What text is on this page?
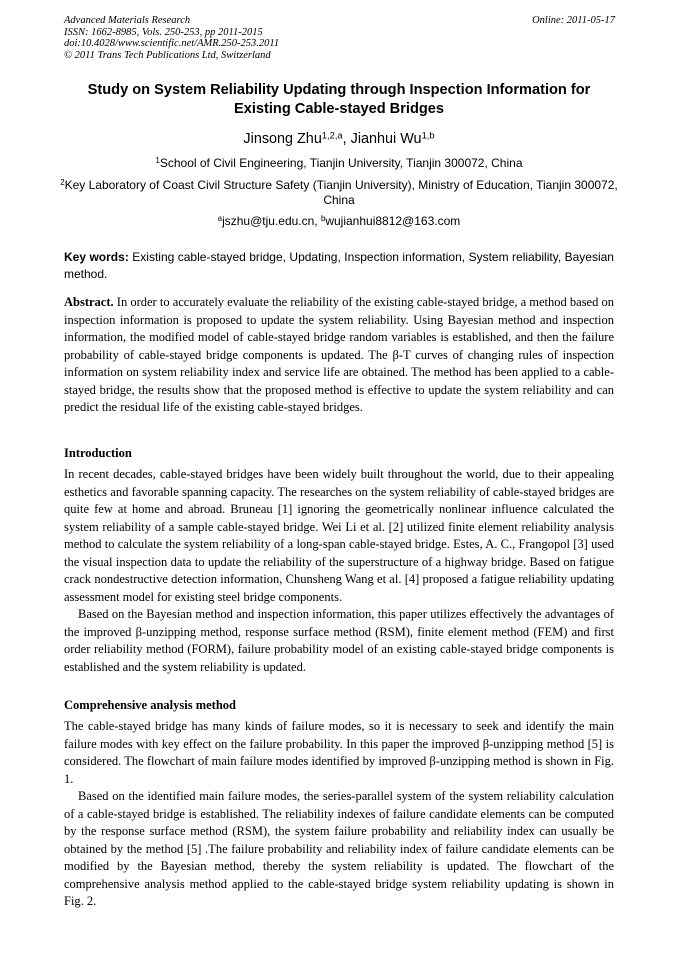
Advanced Materials Research
ISSN: 1662-8985, Vols. 250-253, pp 2011-2015
doi:10.4028/www.scientific.net/AMR.250-253.2011
© 2011 Trans Tech Publications Ltd, Switzerland
Online: 2011-05-17
Study on System Reliability Updating through Inspection Information for
Existing Cable-stayed Bridges
Jinsong Zhu$^{1,2,a}$, Jianhui Wu$^{1,b}$
$^1$School of Civil Engineering, Tianjin University, Tianjin 300072, China
$^2$Key Laboratory of Coast Civil Structure Safety (Tianjin University), Ministry of Education, Tianjin 300072, China
$^a$jszhu@tju.edu.cn, $^b$wujianhui8812@163.com
Key words: Existing cable-stayed bridge, Updating, Inspection information, System reliability, Bayesian method.

Abstract. In order to accurately evaluate the reliability of the existing cable-stayed bridge, a method based on inspection information is proposed to update the system reliability. Using Bayesian method and inspection information, the modified model of cable-stayed bridge random variables is established, and then the failure probability of cable-stayed bridge components is updated. The β-T curves of changing rules of inspection information on system reliability index and service life are obtained. The method has been applied to a cable-stayed bridge, the results show that the proposed method is effective to update the system reliability and can predict the residual life of the existing cable-stayed bridges.

Introduction

In recent decades, cable-stayed bridges have been widely built throughout the world, due to their appealing esthetics and favorable spanning capacity. The researches on the system reliability of cable-stayed bridges are quite few at home and abroad. Bruneau [1] ignoring the geometrically nonlinear influence calculated the system reliability of a sample cable-stayed bridge. Wei Li et al. [2] utilized finite element reliability analysis method to calculate the system reliability of a long-span cable-stayed bridge. Estes, A. C., Frangopol [3] used the visual inspection data to update the reliability of the superstructure of a highway bridge. Based on fatigue crack nondestructive detection information, Chunsheng Wang et al. [4] proposed a fatigue reliability updating assessment model for existing steel bridge components.

Based on the Bayesian method and inspection information, this paper utilizes effectively the advantages of the improved β-unzipping method, response surface method (RSM), finite element method (FEM) and first order reliability method (FORM), failure probability model of an existing cable-stayed bridge components is established and the system reliability is updated.

Comprehensive analysis method

The cable-stayed bridge has many kinds of failure modes, so it is necessary to seek and identify the main failure modes with key effect on the failure probability. In this paper the improved β-unzipping method [5] is considered. The flowchart of main failure modes identified by improved β-unzipping method is shown in Fig. 1.

Based on the identified main failure modes, the series-parallel system of the system reliability calculation of a cable-stayed bridge is established. The reliability indexes of failure candidate elements can be computed by the response surface method (RSM), the system failure probability and reliability index can usually be obtained by the method [5] .The failure probability and reliability index of failure candidate elements can be modified by the Bayesian method, thereby the system reliability is updated. The flowchart of the comprehensive analysis method applied to the cable-stayed bridge system reliability updating is shown in Fig. 2.
